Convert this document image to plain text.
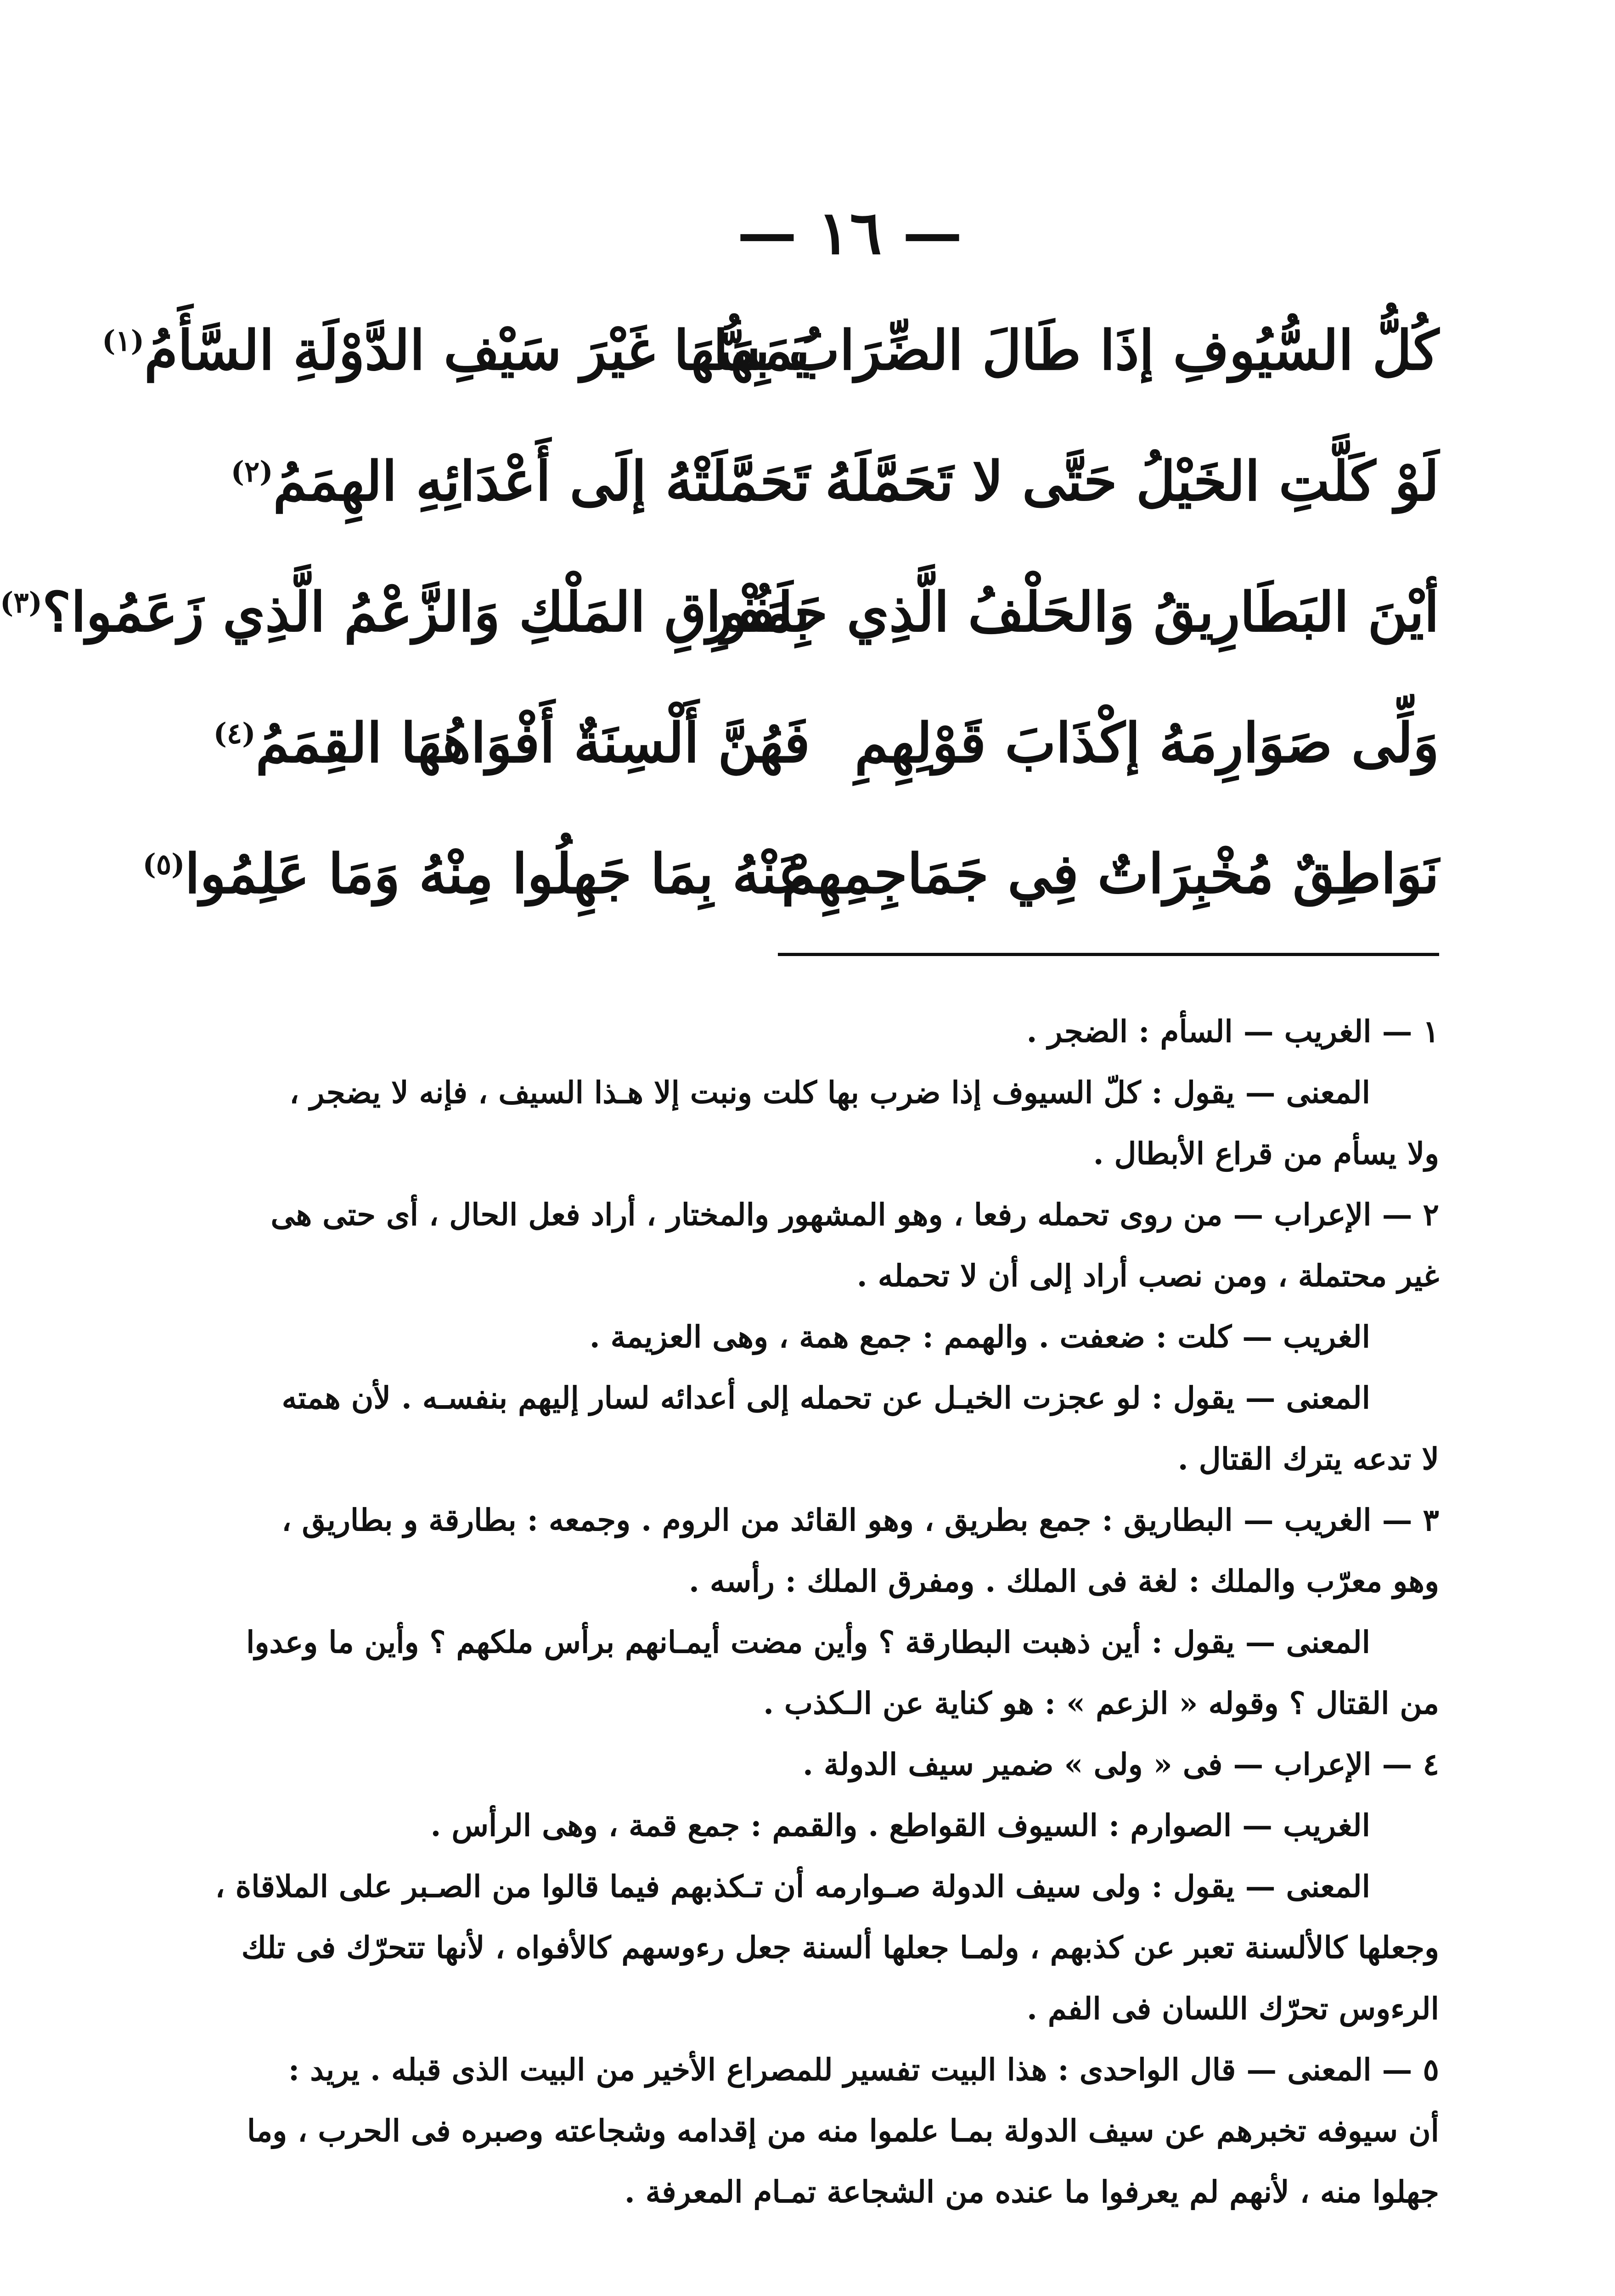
— ١٦ —
كُلُّ السُّيُوفِ إذَا طَالَ الضِّرَابُ بِهَا
يَمَسُّهَا غَيْرَ سَيْفِ الدَّوْلَةِ السَّأَمُ$^{(١)}$
لَوْ كَلَّتِ الخَيْلُ حَتَّى لا تَحَمَّلَهُ
تَحَمَّلَتْهُ إلَى أَعْدَائِهِ الهِمَمُ$^{(٢)}$
أيْنَ البَطَارِيقُ وَالحَلْفُ الَّذِي حَلَفُوا
بِمَفْرِقِ المَلْكِ وَالزَّعْمُ الَّذِي زَعَمُوا؟$^{(٣)}$
وَلِّى صَوَارِمَهُ إكْذَابَ قَوْلِهِمِ
فَهُنَّ أَلْسِنَةٌ أَفْوَاهُهَا القِمَمُ$^{(٤)}$
نَوَاطِقٌ مُخْبِرَاتٌ فِي جَمَاجِمِهِمْ
عَنْهُ بِمَا جَهِلُوا مِنْهُ وَمَا عَلِمُوا$^{(٥)}$

١ — الغريب — السأم : الضجر .

المعنى — يقول : كلّ السيوف إذا ضرب بها كلت ونبت إلا هـذا السيف ، فإنه لا يضجر ،

ولا يسأم من قراع الأبطال .

٢ — الإعراب — من روى تحمله رفعا ، وهو المشهور والمختار ، أراد فعل الحال ، أى حتى هى

غير محتملة ، ومن نصب أراد إلى أن لا تحمله .

الغريب — كلت : ضعفت . والهمم : جمع همة ، وهى العزيمة .

المعنى — يقول : لو عجزت الخيـل عن تحمله إلى أعدائه لسار إليهم بنفسـه . لأن همته

لا تدعه يترك القتال .

٣ — الغريب — البطاريق : جمع بطريق ، وهو القائد من الروم . وجمعه : بطارقة و بطاريق ،

وهو معرّب والملك : لغة فى الملك . ومفرق الملك : رأسه .

المعنى — يقول : أين ذهبت البطارقة ؟ وأين مضت أيمـانهم برأس ملكهم ؟ وأين ما وعدوا

من القتال ؟ وقوله « الزعم » : هو كناية عن الـكذب .

٤ — الإعراب — فى « ولى » ضمير سيف الدولة .

الغريب — الصوارم : السيوف القواطع . والقمم : جمع قمة ، وهى الرأس .

المعنى — يقول : ولى سيف الدولة صـوارمه أن تـكذبهم فيما قالوا من الصـبر على الملاقاة ،

وجعلها كالألسنة تعبر عن كذبهم ، ولمـا جعلها ألسنة جعل رءوسهم كالأفواه ، لأنها تتحرّك فى تلك

الرءوس تحرّك اللسان فى الفم .

٥ — المعنى — قال الواحدى : هذا البيت تفسير للمصراع الأخير من البيت الذى قبله . يريد :

أن سيوفه تخبرهم عن سيف الدولة بمـا علموا منه من إقدامه وشجاعته وصبره فى الحرب ، وما

جهلوا منه ، لأنهم لم يعرفوا ما عنده من الشجاعة تمـام المعرفة .
